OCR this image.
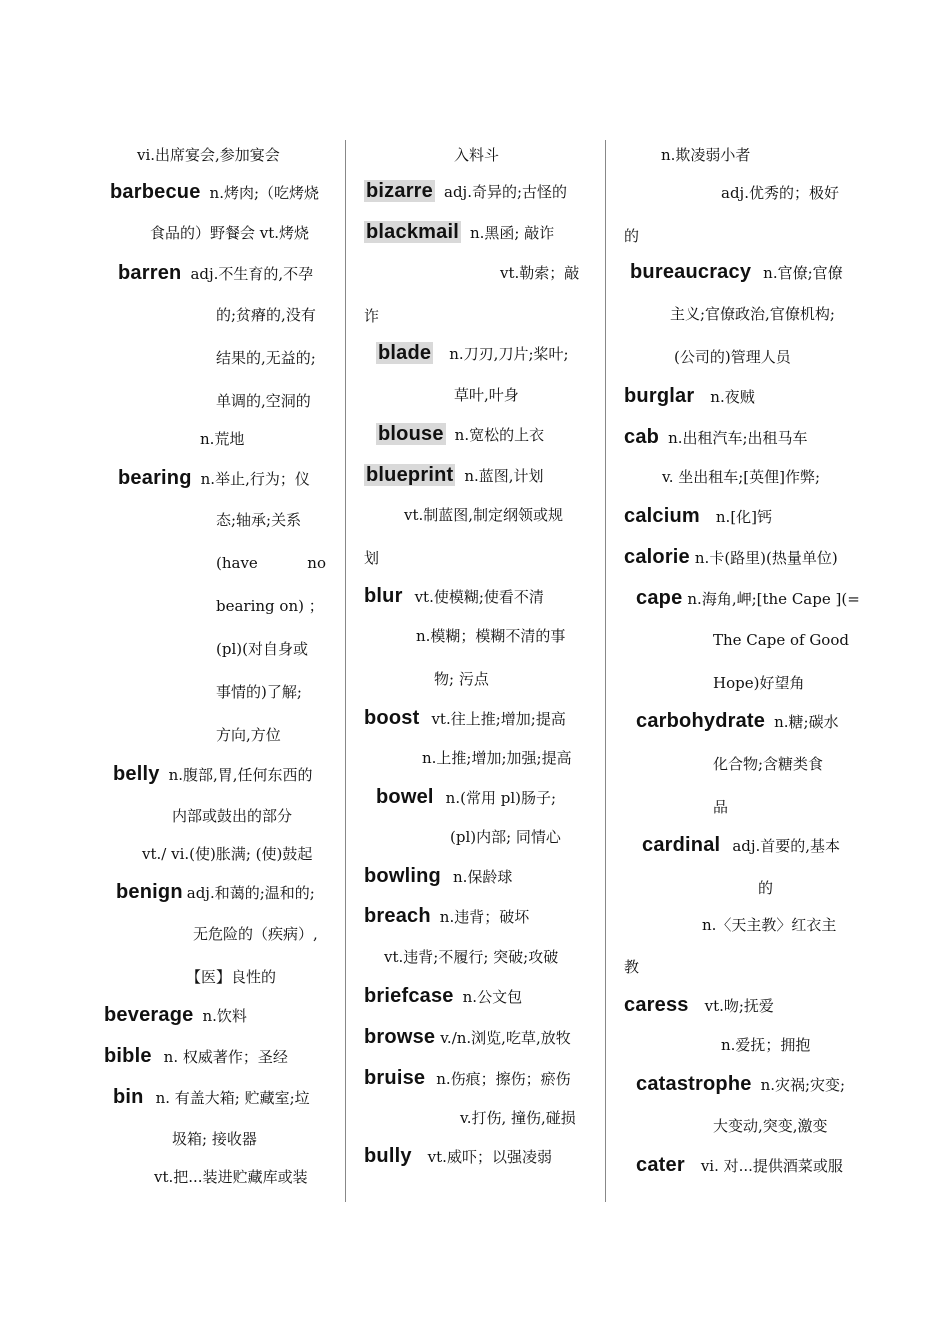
vi.出席宴会,参加宴会
barbecue n.烤肉;（吃烤烧
食品的）野餐会 vt.烤烧
barren adj.不生育的,不孕
的;贫瘠的,没有
结果的,无益的;
单调的,空洞的
n.荒地
bearing n.举止,行为；仪
态;轴承;关系
(have	no
bearing on) ；
(pl)(对自身或
事情的)了解;
方向,方位
belly n.腹部,胃,任何东西的
内部或鼓出的部分
vt./ vi.(使)胀满; (使)鼓起
benign adj.和蔼的;温和的;
无危险的（疾病）,
【医】良性的
beverage n.饮料
bible n. 权威著作；圣经
bin n. 有盖大箱; 贮藏室;垃
圾箱; 接收器
vt.把...装进贮藏库或装
入料斗
bizarre adj.奇异的;古怪的
blackmail n.黑函; 敲诈
vt.勒索；敲
诈
blade n.刀刃,刀片;桨叶;
草叶,叶身
blouse n.宽松的上衣
blueprint n.蓝图,计划
vt.制蓝图,制定纲领或规
划
blur vt.使模糊;使看不清
n.模糊；模糊不清的事
物; 污点
boost vt.往上推;增加;提高
n.上推;增加;加强;提高
bowel n.(常用 pl)肠子;
(pl)内部; 同情心
bowling n.保龄球
breach n.违背；破坏
vt.违背;不履行; 突破;攻破
briefcase n.公文包
browse v./n.浏览,吃草,放牧
bruise n.伤痕；擦伤；瘀伤
v.打伤, 撞伤,碰损
bully vt.威吓；以强凌弱
n.欺凌弱小者
adj.优秀的；极好
的
bureaucracy n.官僚;官僚
主义;官僚政治,官僚机构;
(公司的)管理人员
burglar n.夜贼
cab n.出租汽车;出租马车
v. 坐出租车;[英俚]作弊;
calcium n.[化]钙
calorie n.卡(路里)(热量单位)
cape n.海角,岬;[the Cape ](=
The Cape of Good
Hope)好望角
carbohydrate n.糖;碳水
化合物;含糖类食
品
cardinal adj.首要的,基本
的
n.〈天主教〉红衣主
教
caress vt.吻;抚爱
n.爱抚；拥抱
catastrophe n.灾祸;灾变;
大变动,突变,激变
cater vi. 对...提供酒菜或服
